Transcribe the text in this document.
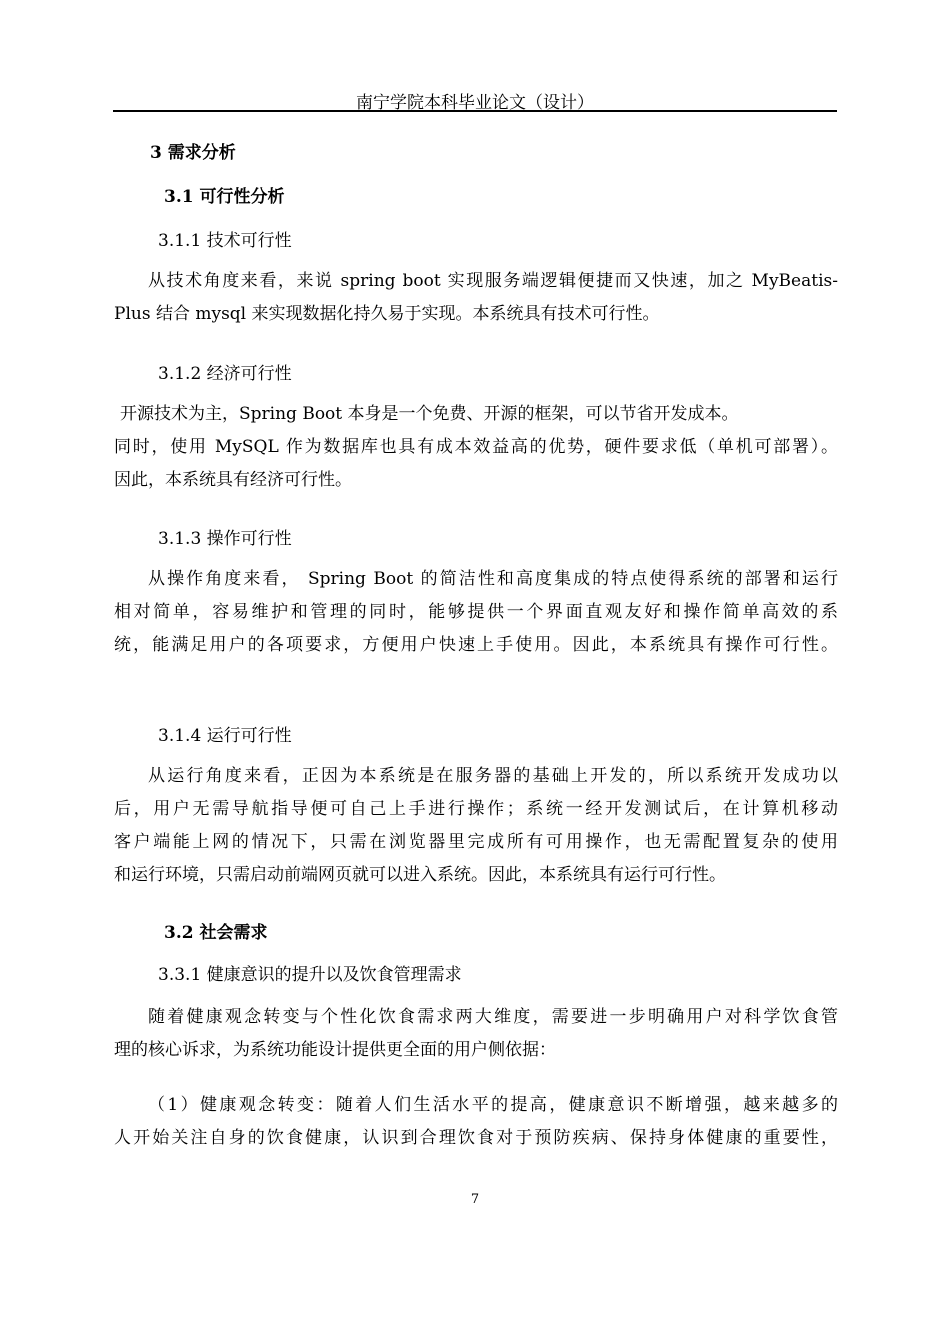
南宁学院本科毕业论文（设计）
3 需求分析
3.1 可行性分析
3.1.1 技术可行性
从技术角度来看，来说 spring boot 实现服务端逻辑便捷而又快速，加之 MyBeatis-
Plus 结合 mysql 来实现数据化持久易于实现。本系统具有技术可行性。
3.1.2 经济可行性
开源技术为主，Spring Boot 本身是一个免费、开源的框架，可以节省开发成本。
同时，使用 MySQL 作为数据库也具有成本效益高的优势，硬件要求低（单机可部署）。
因此，本系统具有经济可行性。
3.1.3 操作可行性
从操作角度来看， Spring Boot 的简洁性和高度集成的特点使得系统的部署和运行
相对简单，容易维护和管理的同时，能够提供一个界面直观友好和操作简单高效的系
统，能满足用户的各项要求，方便用户快速上手使用。因此，本系统具有操作可行性。
3.1.4 运行可行性
从运行角度来看，正因为本系统是在服务器的基础上开发的，所以系统开发成功以
后，用户无需导航指导便可自己上手进行操作；系统一经开发测试后，在计算机移动
客户端能上网的情况下，只需在浏览器里完成所有可用操作，也无需配置复杂的使用
和运行环境，只需启动前端网页就可以进入系统。因此，本系统具有运行可行性。
3.2 社会需求
3.3.1 健康意识的提升以及饮食管理需求
随着健康观念转变与个性化饮食需求两大维度，需要进一步明确用户对科学饮食管
理的核心诉求，为系统功能设计提供更全面的用户侧依据：
（1）健康观念转变：随着人们生活水平的提高，健康意识不断增强，越来越多的
人开始关注自身的饮食健康，认识到合理饮食对于预防疾病、保持身体健康的重要性，
7
